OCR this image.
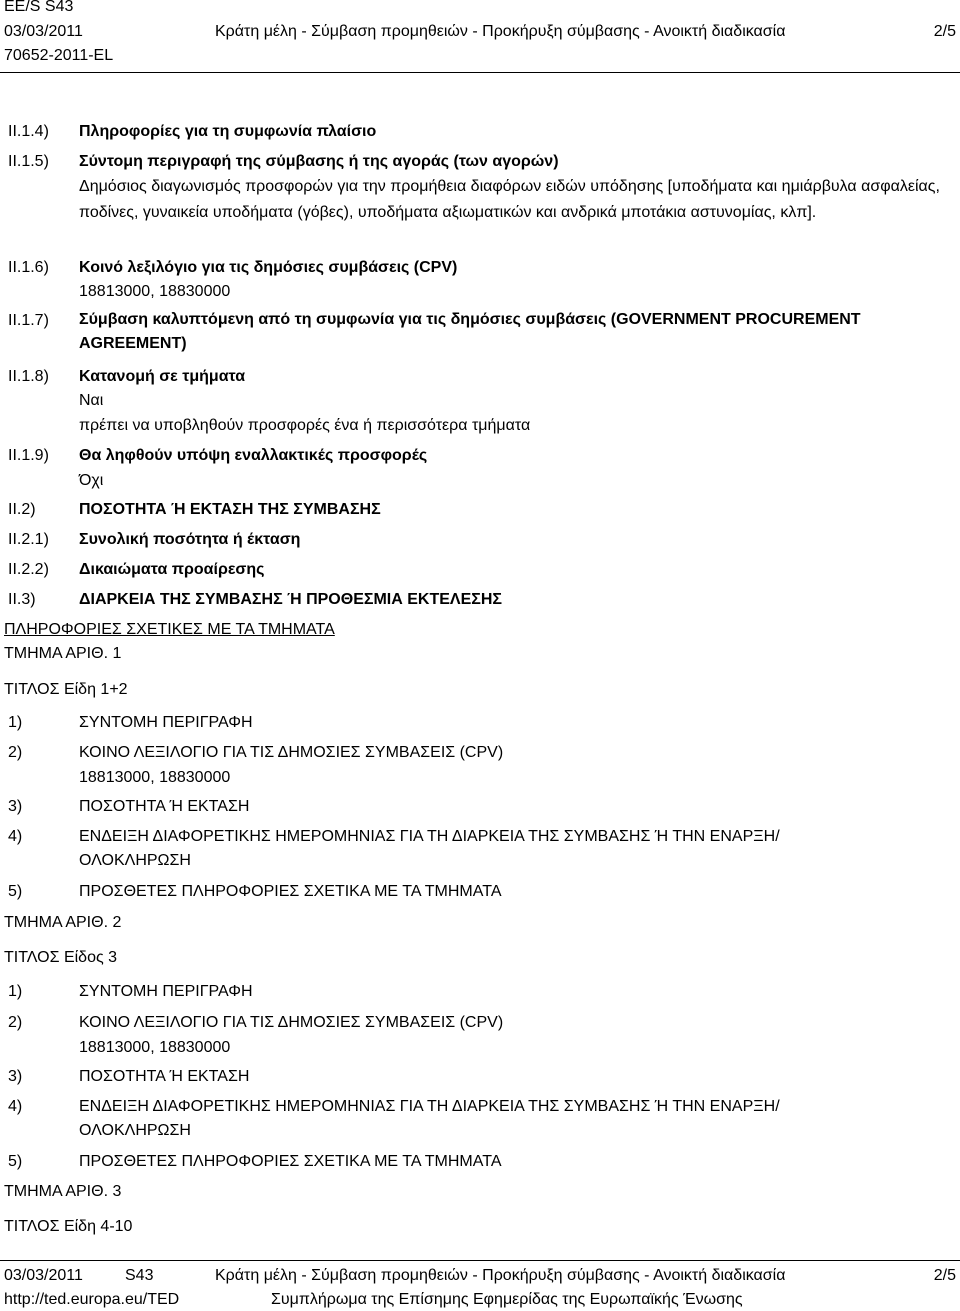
EE/S S43
03/03/2011	Κράτη μέλη - Σύμβαση προμηθειών - Προκήρυξη σύμβασης - Ανοικτή διαδικασία	2/5
70652-2011-EL
II.1.4) Πληροφορίες για τη συμφωνία πλαίσιο
II.1.5) Σύντομη περιγραφή της σύμβασης ή της αγοράς (των αγορών)
Δημόσιος διαγωνισμός προσφορών για την προμήθεια διαφόρων ειδών υπόδησης [υποδήματα και ημιάρβυλα ασφαλείας, ποδίνες, γυναικεία υποδήματα (γόβες), υποδήματα αξιωματικών και ανδρικά μποτάκια αστυνομίας, κλπ].
II.1.6) Κοινό λεξιλόγιο για τις δημόσιες συμβάσεις (CPV)
18813000, 18830000
II.1.7) Σύμβαση καλυπτόμενη από τη συμφωνία για τις δημόσιες συμβάσεις (GOVERNMENT PROCUREMENT AGREEMENT)
II.1.8) Κατανομή σε τμήματα
Ναι
πρέπει να υποβληθούν προσφορές ένα ή περισσότερα τμήματα
II.1.9) Θα ληφθούν υπόψη εναλλακτικές προσφορές
Όχι
II.2)	ΠΟΣΟΤΗΤΑ Ή ΕΚΤΑΣΗ ΤΗΣ ΣΥΜΒΑΣΗΣ
II.2.1) Συνολική ποσότητα ή έκταση
II.2.2) Δικαιώματα προαίρεσης
II.3)	ΔΙΑΡΚΕΙΑ ΤΗΣ ΣΥΜΒΑΣΗΣ Ή ΠΡΟΘΕΣΜΙΑ ΕΚΤΕΛΕΣΗΣ
ΠΛΗΡΟΦΟΡΙΕΣ ΣΧΕΤΙΚΕΣ ΜΕ ΤΑ ΤΜΗΜΑΤΑ
ΤΜΗΜΑ ΑΡΙΘ. 1
ΤΙΤΛΟΣ Είδη 1+2
1)	ΣΥΝΤΟΜΗ ΠΕΡΙΓΡΑΦΗ
2)	ΚΟΙΝΟ ΛΕΞΙΛΟΓΙΟ ΓΙΑ ΤΙΣ ΔΗΜΟΣΙΕΣ ΣΥΜΒΑΣΕΙΣ (CPV)
18813000, 18830000
3)	ΠΟΣΟΤΗΤΑ Ή ΕΚΤΑΣΗ
4)	ΕΝΔΕΙΞΗ ΔΙΑΦΟΡΕΤΙΚΗΣ ΗΜΕΡΟΜΗΝΙΑΣ ΓΙΑ ΤΗ ΔΙΑΡΚΕΙΑ ΤΗΣ ΣΥΜΒΑΣΗΣ Ή ΤΗΝ ΕΝΑΡΞΗ/ ΟΛΟΚΛΗΡΩΣΗ
5)	ΠΡΟΣΘΕΤΕΣ ΠΛΗΡΟΦΟΡΙΕΣ ΣΧΕΤΙΚΑ ΜΕ ΤΑ ΤΜΗΜΑΤΑ
ΤΜΗΜΑ ΑΡΙΘ. 2
ΤΙΤΛΟΣ Είδος 3
1)	ΣΥΝΤΟΜΗ ΠΕΡΙΓΡΑΦΗ
2)	ΚΟΙΝΟ ΛΕΞΙΛΟΓΙΟ ΓΙΑ ΤΙΣ ΔΗΜΟΣΙΕΣ ΣΥΜΒΑΣΕΙΣ (CPV)
18813000, 18830000
3)	ΠΟΣΟΤΗΤΑ Ή ΕΚΤΑΣΗ
4)	ΕΝΔΕΙΞΗ ΔΙΑΦΟΡΕΤΙΚΗΣ ΗΜΕΡΟΜΗΝΙΑΣ ΓΙΑ ΤΗ ΔΙΑΡΚΕΙΑ ΤΗΣ ΣΥΜΒΑΣΗΣ Ή ΤΗΝ ΕΝΑΡΞΗ/ ΟΛΟΚΛΗΡΩΣΗ
5)	ΠΡΟΣΘΕΤΕΣ ΠΛΗΡΟΦΟΡΙΕΣ ΣΧΕΤΙΚΑ ΜΕ ΤΑ ΤΜΗΜΑΤΑ
ΤΜΗΜΑ ΑΡΙΘ. 3
ΤΙΤΛΟΣ Είδη 4-10
03/03/2011	S43	Κράτη μέλη - Σύμβαση προμηθειών - Προκήρυξη σύμβασης - Ανοικτή διαδικασία	2/5
http://ted.europa.eu/TED	Συμπλήρωμα της Επίσημης Εφημερίδας της Ευρωπαϊκής Ένωσης
